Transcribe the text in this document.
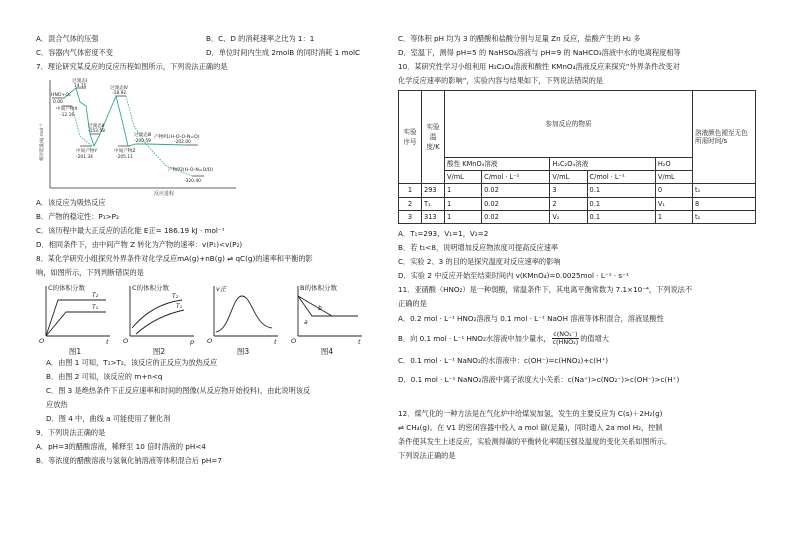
A．混合气体的压强	B．C、D 的消耗速率之比为 1：1
C．容器内气体密度不变	D．单位时间内生成 2molB 的同时消耗 1 molC
7．理论研究某反应的反应历程如图所示，下列说法正确的是
相对能量/kJ·mol⁻¹
反应进程
HNO+O₂
0.00
过渡态Ⅰ
14.15
中间产物X
-12.16
过渡态Ⅱ
-153.58
中间产物Y
-201.34
过渡态Ⅳ
-18.92
过渡态Ⅲ
-200.59
中间产物Z
-205.11
产物P1(H-O-O-N=O)
-202.00
产物P2(H-O-N=O/O)
-320.40
A．该反应为吸热反应
B．产物的稳定性：P₁>P₂
C．该历程中最大正反应的活化能 E正= 186.19 kJ · mol⁻¹
D．相同条件下，由中间产物 Z 转化为产物的速率：v(P₁)<v(P₂)
8．某化学研究小组探究外界条件对化学反应mA(g)+nB(g) ⇌ qC(g)的速率和平衡的影
响，如图所示，下列判断错误的是
C的体积分数
T₂
T₁
O	t
图1
C的体积分数
T₂
T₁
O	p
图2
v正
O	t
图3
B的体积分数
b
a
O	t
图4
A．由图 1 可知，T₁>T₂，该反应的正反应为放热反应
B．由图 2 可知，该反应的 m+n<q
C．图 3 是绝热条件下正反应速率和时间的图像(从反应物开始投料)，由此说明该反
应放热
D．图 4 中，曲线 a 可能使用了催化剂
9．下列说法正确的是
A．pH=3的醋酸溶液，稀释至 10 倍时溶液的 pH<4
B．等浓度的醋酸溶液与氢氧化钠溶液等体积混合后 pH=7
C．等体积 pH 均为 3 的醋酸和盐酸分别与足量 Zn 反应，盐酸产生的 H₂ 多
D．室温下，测得 pH=5 的 NaHSO₄溶液与 pH=9 的 NaHCO₃溶液中水的电离程度相等
10．某研究性学习小组利用 H₂C₂O₄溶液和酸性 KMnO₄溶液反应来探究“外界条件改变对
化学反应速率的影响”，实验内容与结果如下，下列说法错误的是
实验序号	实验温度/K	参加反应的物质					溶液颜色褪至无色所需时间/s
		酸性 KMnO₄溶液		H₂C₂O₄溶液		H₂O	
		V/mL	C/mol · L⁻¹	V/mL	C/mol · L⁻¹	V/mL	
1	293	1	0.02	3	0.1	0	t₁
2	T₁	1	0.02	2	0.1	V₁	8
3	313	1	0.02	V₂	0.1	1	t₂
A．T₁=293，V₁=1，V₂=2
B．若 t₁<8，说明增加反应物浓度可提高反应速率
C．实验 2、3 的目的是探究温度对反应速率的影响
D．实验 2 中反应开始至结束时间内 v(KMnO₄)=0.0025mol · L⁻¹ · s⁻¹
11．亚硝酸（HNO₂）是一种弱酸，常温条件下，其电离平衡常数为 7.1×10⁻⁴，下列说法不
正确的是
A．0.2 mol · L⁻¹ HNO₂溶液与 0.1 mol · L⁻¹ NaOH 溶液等体积混合，溶液显酸性
B．向 0.1 mol · L⁻¹ HNO₂水溶液中加少量水， $\frac{\text{c(NO₂⁻)}}{\text{c(HNO₂)}}$ 的值增大
C．0.1 mol · L⁻¹ NaNO₂的水溶液中：c(OH⁻)=c(HNO₂)+c(H⁺)
D．0.1 mol · L⁻¹ NaNO₂溶液中离子浓度大小关系：c(Na⁺)>c(NO₂⁻)>c(OH⁻)>c(H⁺)
12．煤气化的一种方法是在气化炉中给煤炭加氢，发生的主要反应为 C(s)＋2H₂(g)
⇌ CH₄(g)。在 V1 的密闭容器中投入 a mol 碳(足量)，同时通入 2a mol H₂，控制
条件使其发生上述反应，实验测得碳的平衡转化率随压强及温度的变化关系如图所示。
下列说法正确的是
